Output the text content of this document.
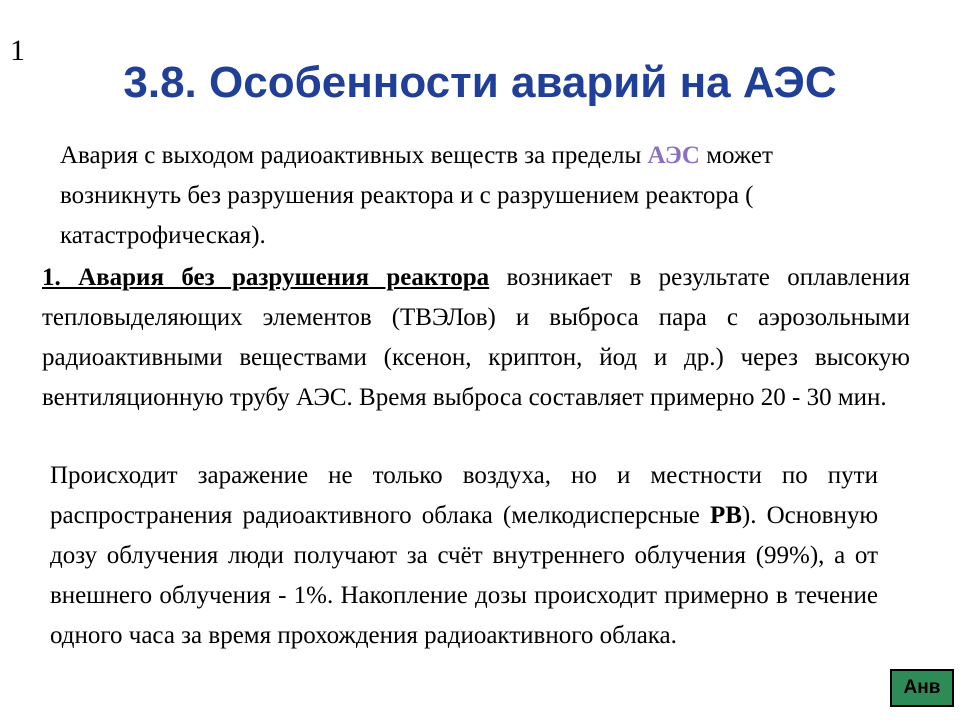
1
3.8. Особенности аварий на АЭС
Авария с выходом радиоактивных веществ за пределы АЭС может возникнуть без разрушения реактора и с разрушением реактора ( катастрофическая).
1. Авария без разрушения реактора возникает в результате оплавления тепловыделяющих элементов (ТВЭЛов) и выброса пара с аэрозольными радиоактивными веществами (ксенон, криптон, йод и др.) через высокую вентиляционную трубу АЭС. Время выброса составляет примерно 20 - 30 мин.
Происходит заражение не только воздуха, но и местности по пути распространения радиоактивного облака (мелкодисперсные РВ). Основную дозу облучения люди получают за счёт внутреннего облучения (99%), а от внешнего облучения - 1%. Накопление дозы происходит примерно в течение одного часа за время прохождения радиоактивного облака.
Анв
